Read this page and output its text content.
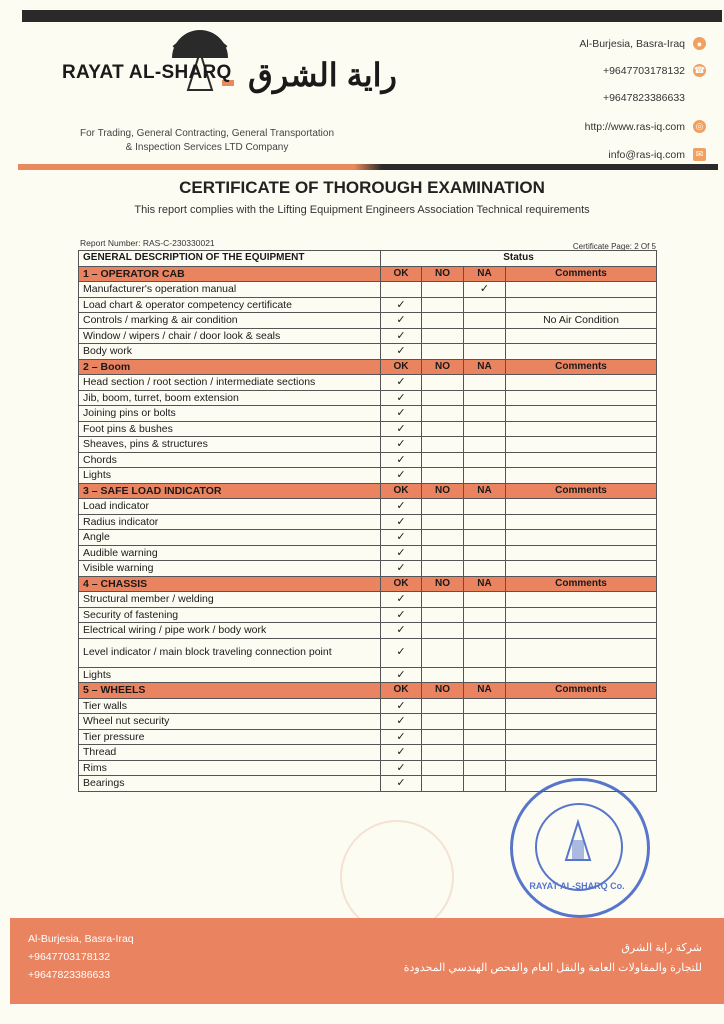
RAYAT AL-SHARQ راية الشرق
For Trading, General Contracting, General Transportation
& Inspection Services LTD Company
Al-Burjesia, Basra-Iraq	●
+9647703178132 ☎
+9647823386633
http://www.ras-iq.com ◎
info@ras-iq.com	✉
CERTIFICATE OF THOROUGH EXAMINATION
This report complies with the Lifting Equipment Engineers Association Technical requirements
Report Number: RAS-C-230330021	Certificate Page: 2 Of 5
GENERAL DESCRIPTION OF THE EQUIPMENT	Status			
1 – OPERATOR CAB	OK	NO	NA	Comments
Manufacturer's operation manual			✓	
Load chart & operator competency certificate	✓			
Controls / marking & air condition	✓			No Air Condition
Window / wipers / chair / door look & seals	✓			
Body work	✓			
2 – Boom	OK	NO	NA	Comments
Head section / root section / intermediate sections	✓			
Jib, boom, turret, boom extension	✓			
Joining pins or bolts	✓			
Foot pins & bushes	✓			
Sheaves, pins & structures	✓			
Chords	✓			
Lights	✓			
3 – SAFE LOAD INDICATOR	OK	NO	NA	Comments
Load indicator	✓			
Radius indicator	✓			
Angle	✓			
Audible warning	✓			
Visible warning	✓			
4 – CHASSIS	OK	NO	NA	Comments
Structural member / welding	✓			
Security of fastening	✓			
Electrical wiring / pipe work / body work	✓			
Level indicator / main block traveling connection point	✓			
Lights	✓			
5 – WHEELS	OK	NO	NA	Comments
Tier walls	✓			
Wheel nut security	✓			
Tier pressure	✓			
Thread	✓			
Rims	✓			
Bearings	✓			
RAYAT AL-SHARQ Co.
Al-Burjesia, Basra-Iraq
+9647703178132
+9647823386633
شركة راية الشرق
للتجارة والمقاولات العامة والنقل العام والفحص الهندسي المحدودة
